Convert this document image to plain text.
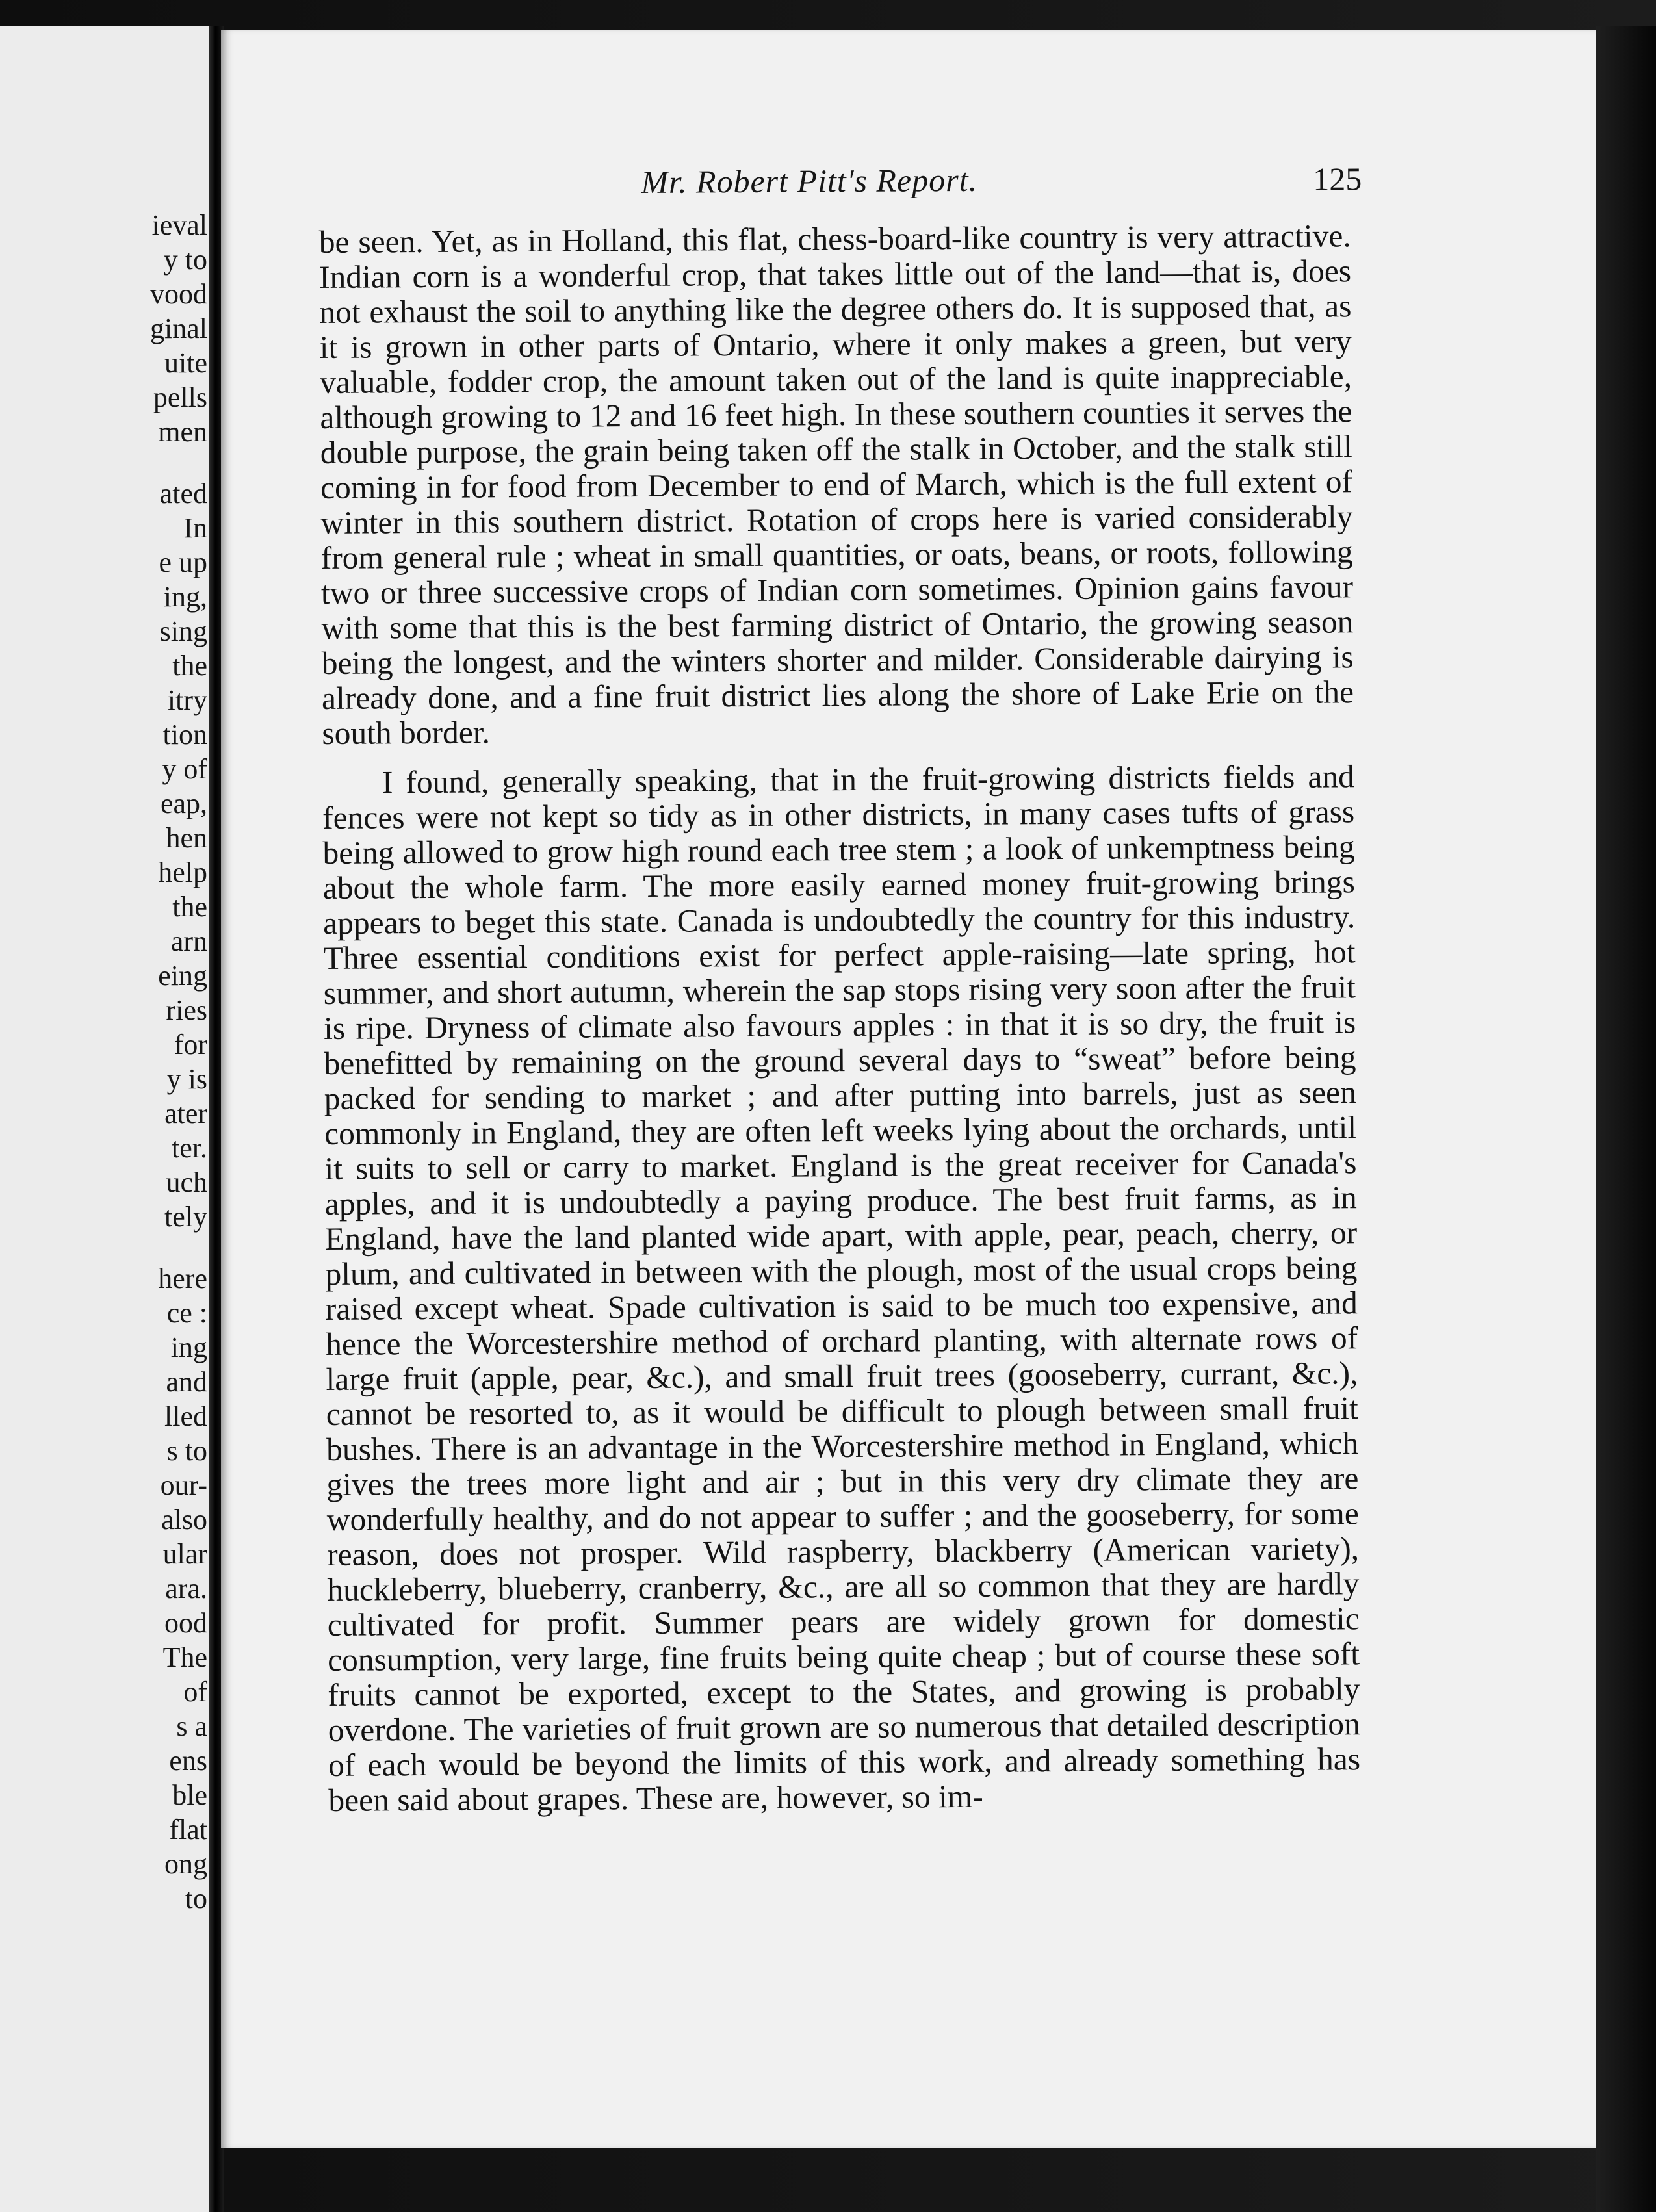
ieval
y to
vood
ginal
uite
pells
men
ated
In
e up
ing,
sing
the
itry
tion
y of
eap,
hen
help
the
arn
eing
ries
for
y is
ater
ter.
uch
tely
here
ce :
ing
and
lled
s to
our-
also
ular
ara.
ood
The
of
s a
ens
ble
flat
ong
to
Mr. Robert Pitt's Report.	125

be seen. Yet, as in Holland, this flat, chess-board-like country is very attractive. Indian corn is a wonderful crop, that takes little out of the land—that is, does not exhaust the soil to anything like the degree others do. It is supposed that, as it is grown in other parts of Ontario, where it only makes a green, but very valuable, fodder crop, the amount taken out of the land is quite inappreciable, although growing to 12 and 16 feet high. In these southern counties it serves the double purpose, the grain being taken off the stalk in October, and the stalk still coming in for food from December to end of March, which is the full extent of winter in this southern district. Rotation of crops here is varied considerably from general rule ; wheat in small quantities, or oats, beans, or roots, following two or three successive crops of Indian corn sometimes. Opinion gains favour with some that this is the best farming district of Ontario, the growing season being the longest, and the winters shorter and milder. Considerable dairying is already done, and a fine fruit district lies along the shore of Lake Erie on the south border.

I found, generally speaking, that in the fruit-growing districts fields and fences were not kept so tidy as in other districts, in many cases tufts of grass being allowed to grow high round each tree stem ; a look of unkemptness being about the whole farm. The more easily earned money fruit-growing brings appears to beget this state. Canada is undoubtedly the country for this industry. Three essential conditions exist for perfect apple-raising—late spring, hot summer, and short autumn, wherein the sap stops rising very soon after the fruit is ripe. Dryness of climate also favours apples : in that it is so dry, the fruit is benefitted by remaining on the ground several days to “sweat” before being packed for sending to market ; and after putting into barrels, just as seen commonly in England, they are often left weeks lying about the orchards, until it suits to sell or carry to market. England is the great receiver for Canada's apples, and it is undoubtedly a paying produce. The best fruit farms, as in England, have the land planted wide apart, with apple, pear, peach, cherry, or plum, and cultivated in between with the plough, most of the usual crops being raised except wheat. Spade cultivation is said to be much too expensive, and hence the Worcestershire method of orchard planting, with alternate rows of large fruit (apple, pear, &c.), and small fruit trees (gooseberry, currant, &c.), cannot be resorted to, as it would be difficult to plough between small fruit bushes. There is an advantage in the Worcestershire method in England, which gives the trees more light and air ; but in this very dry climate they are wonderfully healthy, and do not appear to suffer ; and the gooseberry, for some reason, does not prosper. Wild raspberry, blackberry (American variety), huckleberry, blueberry, cranberry, &c., are all so common that they are hardly cultivated for profit. Summer pears are widely grown for domestic consumption, very large, fine fruits being quite cheap ; but of course these soft fruits cannot be exported, except to the States, and growing is probably overdone. The varieties of fruit grown are so numerous that detailed description of each would be beyond the limits of this work, and already something has been said about grapes. These are, however, so im-
